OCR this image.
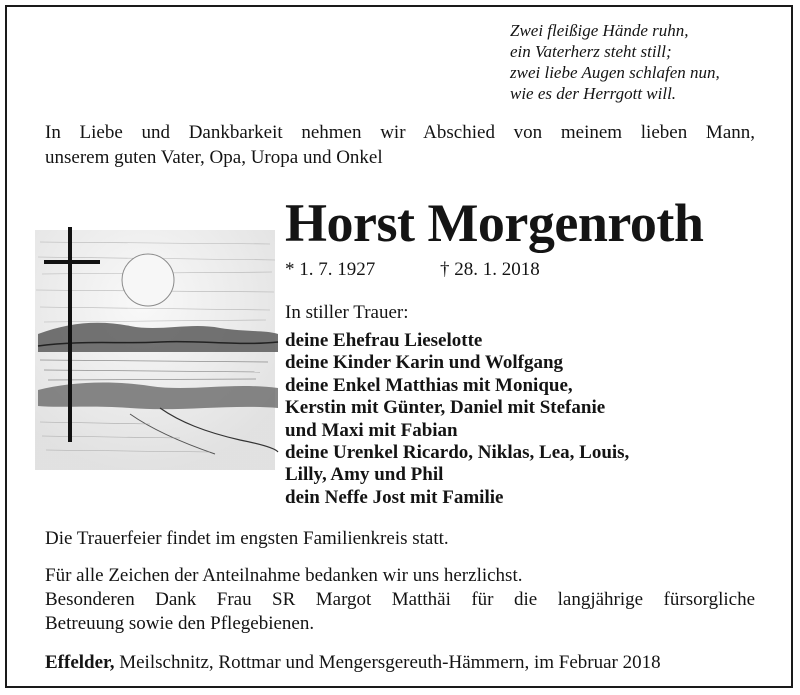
Zwei fleißige Hände ruhn,
ein Vaterherz steht still;
zwei liebe Augen schlafen nun,
wie es der Herrgott will.
In Liebe und Dankbarkeit nehmen wir Abschied von meinem lieben Mann,
unserem guten Vater, Opa, Uropa und Onkel
Horst Morgenroth
* 1. 7. 1927	† 28. 1. 2018
In stiller Trauer:
deine Ehefrau Lieselotte
deine Kinder Karin und Wolfgang
deine Enkel Matthias mit Monique,
Kerstin mit Günter, Daniel mit Stefanie
und Maxi mit Fabian
deine Urenkel Ricardo, Niklas, Lea, Louis,
Lilly, Amy und Phil
dein Neffe Jost mit Familie
Die Trauerfeier findet im engsten Familienkreis statt.
Für alle Zeichen der Anteilnahme bedanken wir uns herzlichst.
Besonderen Dank Frau SR Margot Matthäi für die langjährige fürsorgliche
Betreuung sowie den Pflegebienen.
Effelder, Meilschnitz, Rottmar und Mengersgereuth-Hämmern, im Februar 2018
